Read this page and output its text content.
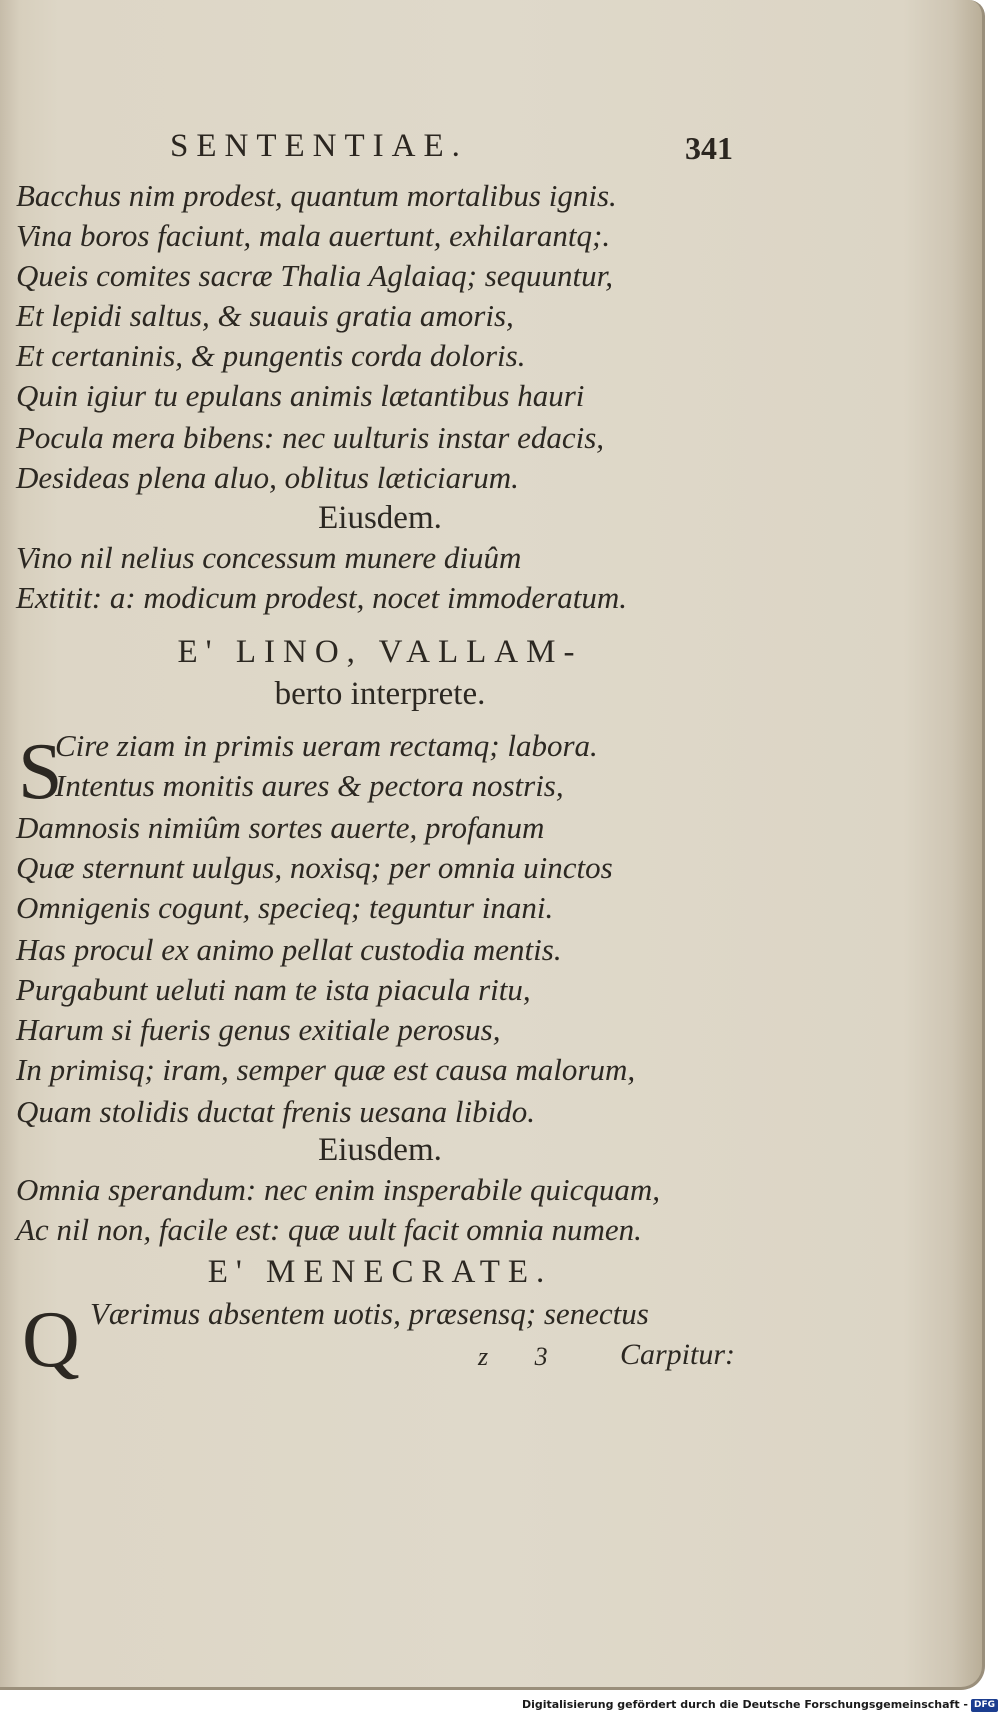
SENTENTIAE.	341
Bacchus nim prodest, quantum mortalibus ignis.
Vina boros faciunt, mala auertunt, exhilarantq;.
Queis comites sacræ Thalia Aglaiaq; sequuntur,
Et lepidi saltus, & suauis gratia amoris,
Et certaninis, & pungentis corda doloris.
Quin igiur tu epulans animis lætantibus hauri
Pocula mera bibens: nec uulturis instar edacis,
Desideas plena aluo, oblitus læticiarum.
Eiusdem.
Vino nil nelius concessum munere diuûm
Extitit: a: modicum prodest, nocet immoderatum.
E' LINO, VALLAM-
berto interprete.
S
Cire ziam in primis ueram rectamq; labora.
Intentus monitis aures & pectora nostris,
Damnosis nimiûm sortes auerte, profanum
Quæ sternunt uulgus, noxisq; per omnia uinctos
Omnigenis cogunt, specieq; teguntur inani.
Has procul ex animo pellat custodia mentis.
Purgabunt ueluti nam te ista piacula ritu,
Harum si fueris genus exitiale perosus,
In primisq; iram, semper quæ est causa malorum,
Quam stolidis ductat frenis uesana libido.
Eiusdem.
Omnia sperandum: nec enim insperabile quicquam,
Ac nil non, facile est: quæ uult facit omnia numen.
E' MENECRATE.
Q Værimus absentem uotis, præsensq; senectus
z 3 Carpitur:
Digitalisierung gefördert durch die Deutsche Forschungsgemeinschaft - DFG
